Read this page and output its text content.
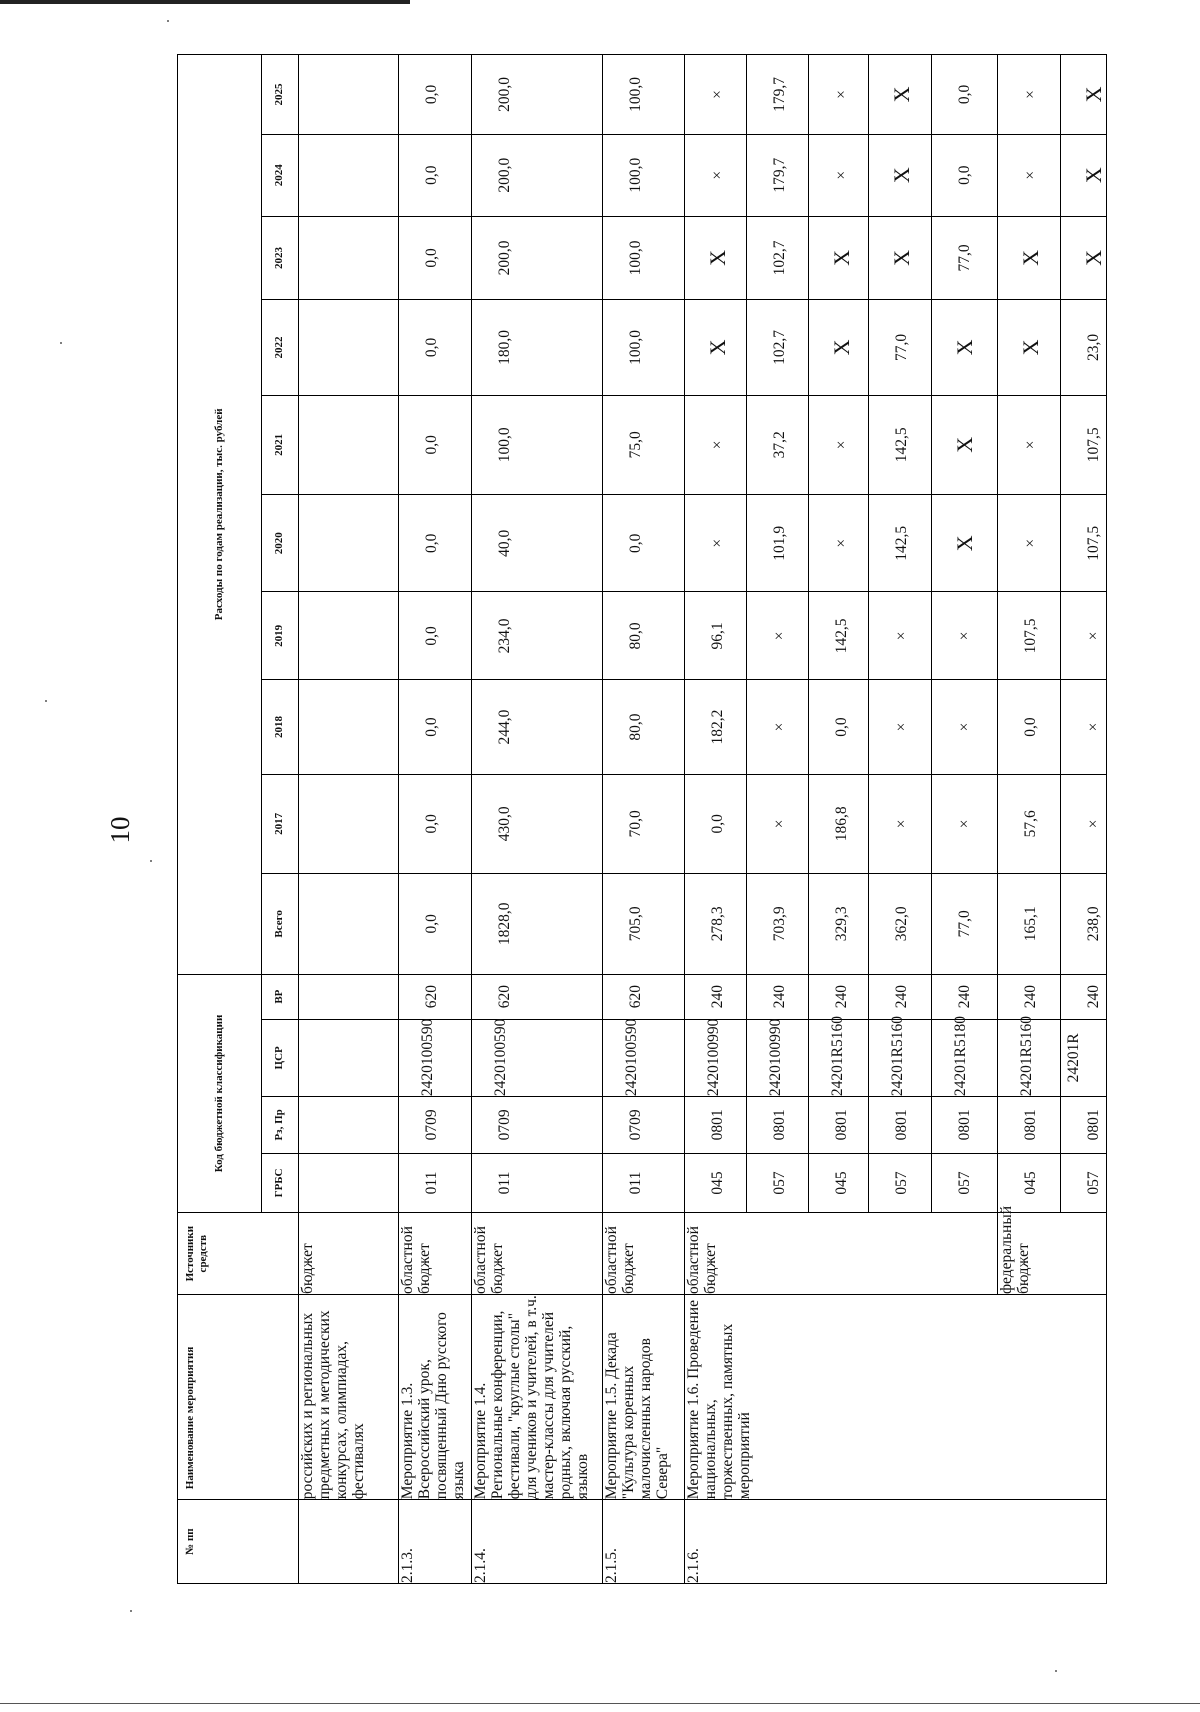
10
№ пп	Наименование мероприятия	Источники средств	Код бюджетной классификации				Расходы по годам реализации, тыс. рублей									
			ГРБС	Рз, Пр	ЦСР	ВР	Всего	2017	2018	2019	2020	2021	2022	2023	2024	2025
	российских и региональных предметных и методических конкурсах, олимпиадах, фестивалях	бюджет														
2.1.3.	Мероприятие 1.3. Всероссийский урок, посвященный Дню русского языка	областной бюджет	011	0709	2420100590	620	0,0	0,0	0,0	0,0	0,0	0,0	0,0	0,0	0,0	0,0
2.1.4.	Мероприятие 1.4. Региональные конференции, фестивали, "круглые столы" для учеников и учителей, в т.ч. мастер-классы для учителей родных, включая русский, языков	областной бюджет	011	0709	2420100590	620	1828,0	430,0	244,0	234,0	40,0	100,0	180,0	200,0	200,0	200,0
2.1.5.	Мероприятие 1.5. Декада "Культура коренных малочисленных народов Севера"	областной бюджет	011	0709	2420100590	620	705,0	70,0	80,0	80,0	0,0	75,0	100,0	100,0	100,0	100,0
2.1.6.	Мероприятие 1.6. Проведение национальных, торжественных, памятных мероприятий	областной бюджет	045	0801	2420100990	240	278,3	0,0	182,2	96,1	×	×	X	X	×	×
			057	0801	2420100990	240	703,9	×	×	×	101,9	37,2	102,7	102,7	179,7	179,7
			045	0801	24201R5160	240	329,3	186,8	0,0	142,5	×	×	X	X	×	×
			057	0801	24201R5160	240	362,0	×	×	×	142,5	142,5	77,0	X	X	X
			057	0801	24201R5180	240	77,0	×	×	×	X	X	X	77,0	0,0	0,0
		федеральный бюджет	045	0801	24201R5160	240	165,1	57,6	0,0	107,5	×	×	X	X	×	×
			057	0801	24201R	240	238,0	×	×	×	107,5	107,5	23,0	X	X	X
